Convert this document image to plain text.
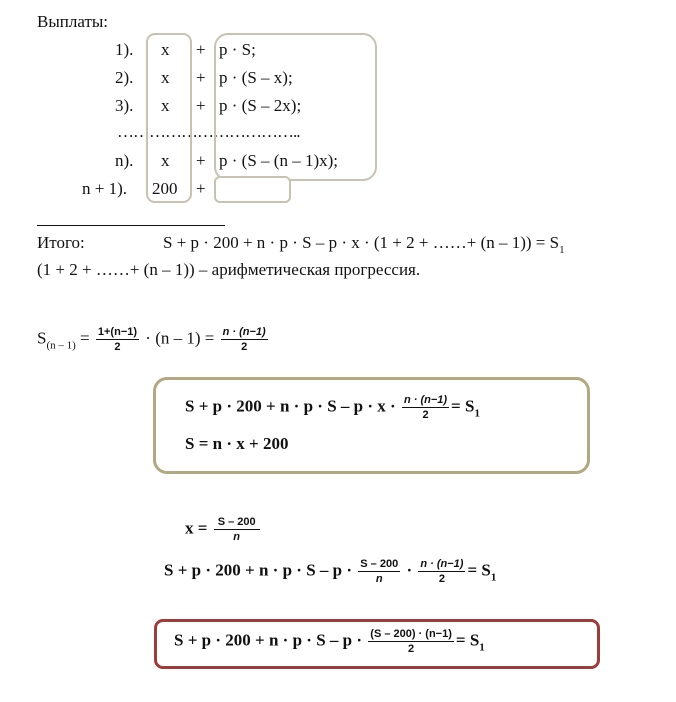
Выплаты:
1). x + p · S;
2). x + p · (S – x);
3). x + p · (S – 2x);
……………………………..
n). x + p · (S – (n – 1)x);
n + 1). 200 +
Итого:	S + p · 200 + n · p · S – p · x · (1 + 2 + ……+ $(n - 1)) = S_1$
(1 + 2 + ……+ (n – 1)) – арифметическая прогрессия.
$S_{(n - 1)} = \frac{1+(n-1)}{2} \cdot (n - 1) = \frac{n \cdot (n-1)}{2}$
$S + p \cdot 200 + n \cdot p \cdot S - p \cdot x \cdot \frac{n \cdot (n-1)}{2} = S_1$
S = n · x + 200
$x = \frac{S - 200}{n}$
$S + p \cdot 200 + n \cdot p \cdot S - p \cdot \frac{S - 200}{n} \cdot \frac{n \cdot (n-1)}{2} = S_1$
$S + p \cdot 200 + n \cdot p \cdot S - p \cdot \frac{(S - 200) \cdot (n-1)}{2} = S_1$
